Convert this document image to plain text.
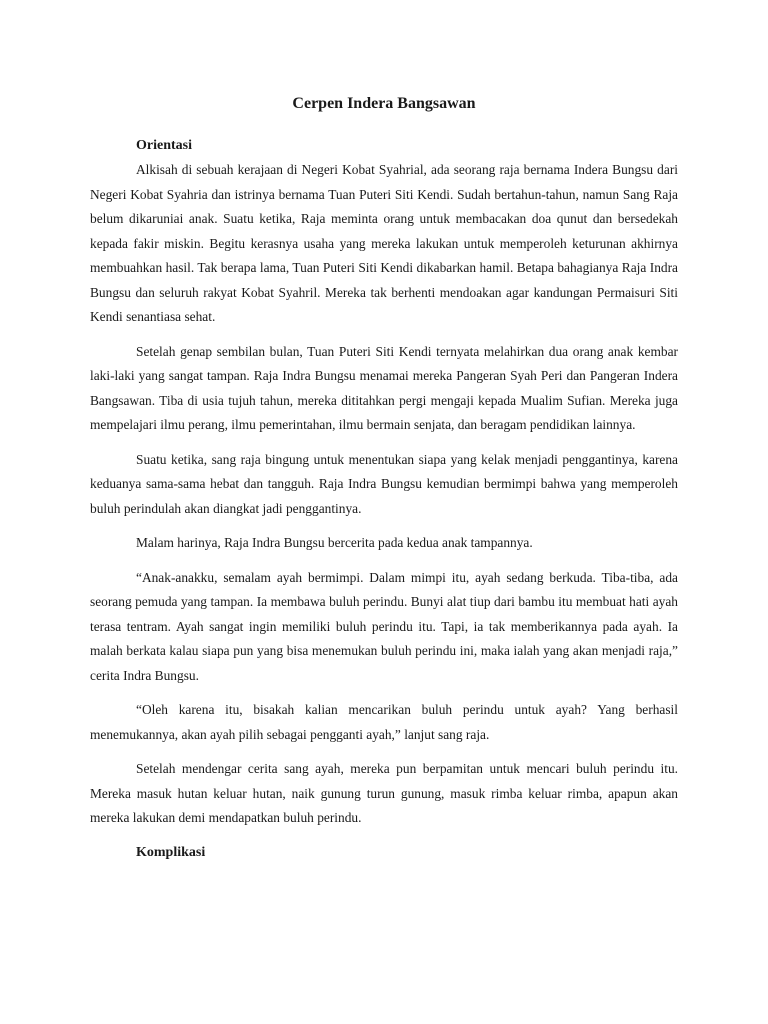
Cerpen Indera Bangsawan

Orientasi

Alkisah di sebuah kerajaan di Negeri Kobat Syahrial, ada seorang raja bernama Indera Bungsu dari Negeri Kobat Syahria dan istrinya bernama Tuan Puteri Siti Kendi. Sudah bertahun-tahun, namun Sang Raja belum dikaruniai anak. Suatu ketika, Raja meminta orang untuk membacakan doa qunut dan bersedekah kepada fakir miskin. Begitu kerasnya usaha yang mereka lakukan untuk memperoleh keturunan akhirnya membuahkan hasil. Tak berapa lama, Tuan Puteri Siti Kendi dikabarkan hamil. Betapa bahagianya Raja Indra Bungsu dan seluruh rakyat Kobat Syahril. Mereka tak berhenti mendoakan agar kandungan Permaisuri Siti Kendi senantiasa sehat.

Setelah genap sembilan bulan, Tuan Puteri Siti Kendi ternyata melahirkan dua orang anak kembar laki-laki yang sangat tampan. Raja Indra Bungsu menamai mereka Pangeran Syah Peri dan Pangeran Indera Bangsawan. Tiba di usia tujuh tahun, mereka dititahkan pergi mengaji kepada Mualim Sufian. Mereka juga mempelajari ilmu perang, ilmu pemerintahan, ilmu bermain senjata, dan beragam pendidikan lainnya.

Suatu ketika, sang raja bingung untuk menentukan siapa yang kelak menjadi penggantinya, karena keduanya sama-sama hebat dan tangguh. Raja Indra Bungsu kemudian bermimpi bahwa yang memperoleh buluh perindulah akan diangkat jadi penggantinya.

Malam harinya, Raja Indra Bungsu bercerita pada kedua anak tampannya.

“Anak-anakku, semalam ayah bermimpi. Dalam mimpi itu, ayah sedang berkuda. Tiba-tiba, ada seorang pemuda yang tampan. Ia membawa buluh perindu. Bunyi alat tiup dari bambu itu membuat hati ayah terasa tentram. Ayah sangat ingin memiliki buluh perindu itu. Tapi, ia tak memberikannya pada ayah. Ia malah berkata kalau siapa pun yang bisa menemukan buluh perindu ini, maka ialah yang akan menjadi raja,” cerita Indra Bungsu.

“Oleh karena itu, bisakah kalian mencarikan buluh perindu untuk ayah? Yang berhasil menemukannya, akan ayah pilih sebagai pengganti ayah,” lanjut sang raja.

Setelah mendengar cerita sang ayah, mereka pun berpamitan untuk mencari buluh perindu itu. Mereka masuk hutan keluar hutan, naik gunung turun gunung, masuk rimba keluar rimba, apapun akan mereka lakukan demi mendapatkan buluh perindu.

Komplikasi
